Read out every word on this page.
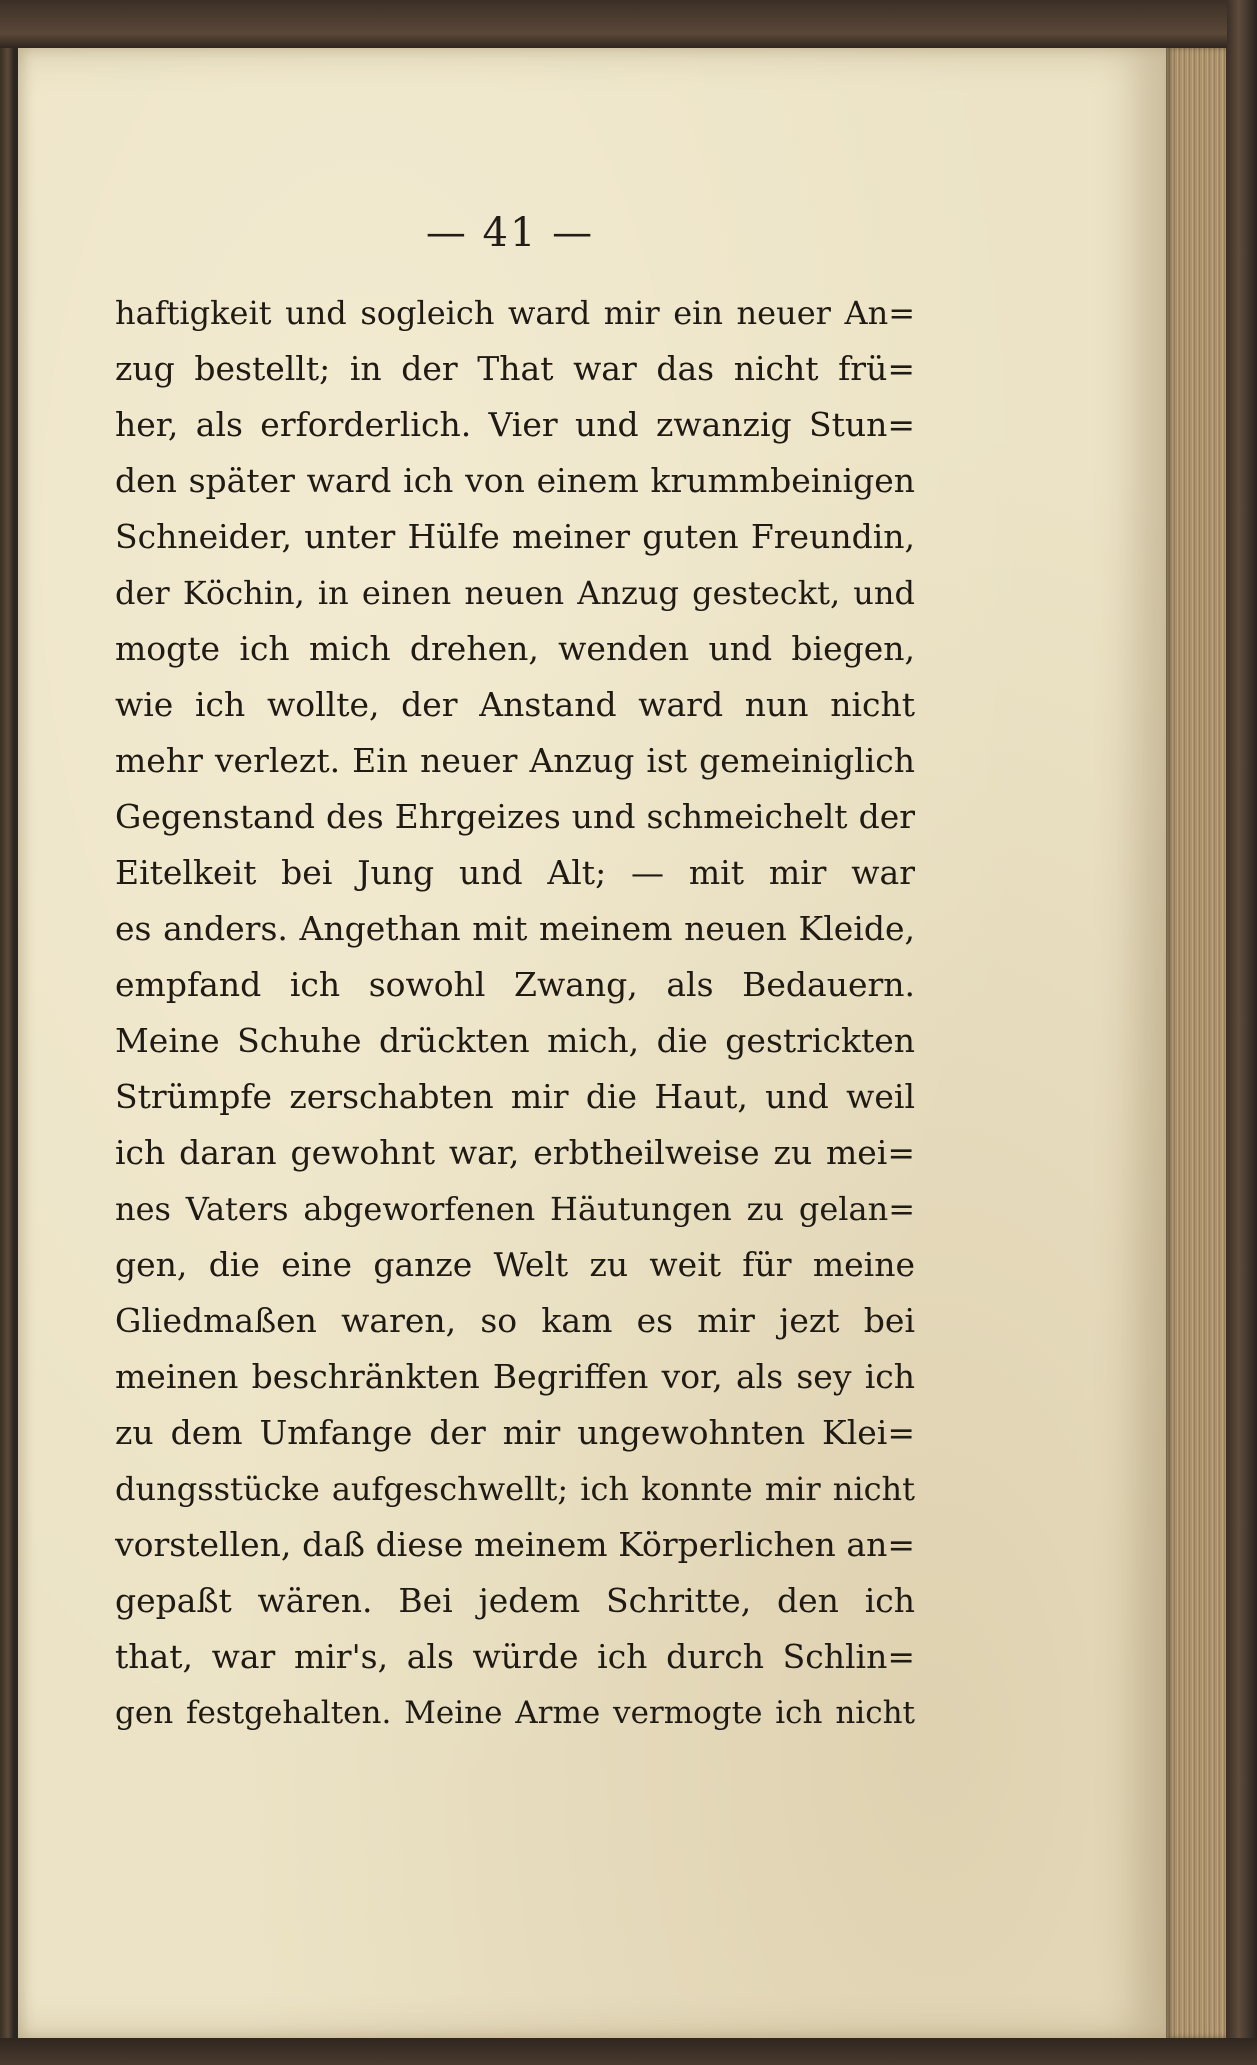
— 41 —
haftigkeit und sogleich ward mir ein neuer An=
zug bestellt; in der That war das nicht frü=
her, als erforderlich. Vier und zwanzig Stun=
den später ward ich von einem krummbeinigen
Schneider, unter Hülfe meiner guten Freundin,
der Köchin, in einen neuen Anzug gesteckt, und
mogte ich mich drehen, wenden und biegen,
wie ich wollte, der Anstand ward nun nicht
mehr verlezt. Ein neuer Anzug ist gemeiniglich
Gegenstand des Ehrgeizes und schmeichelt der
Eitelkeit bei Jung und Alt; — mit mir war
es anders. Angethan mit meinem neuen Kleide,
empfand ich sowohl Zwang, als Bedauern.
Meine Schuhe drückten mich, die gestrickten
Strümpfe zerschabten mir die Haut, und weil
ich daran gewohnt war, erbtheilweise zu mei=
nes Vaters abgeworfenen Häutungen zu gelan=
gen, die eine ganze Welt zu weit für meine
Gliedmaßen waren, so kam es mir jezt bei
meinen beschränkten Begriffen vor, als sey ich
zu dem Umfange der mir ungewohnten Klei=
dungsstücke aufgeschwellt; ich konnte mir nicht
vorstellen, daß diese meinem Körperlichen an=
gepaßt wären. Bei jedem Schritte, den ich
that, war mir's, als würde ich durch Schlin=
gen festgehalten. Meine Arme vermogte ich nicht
